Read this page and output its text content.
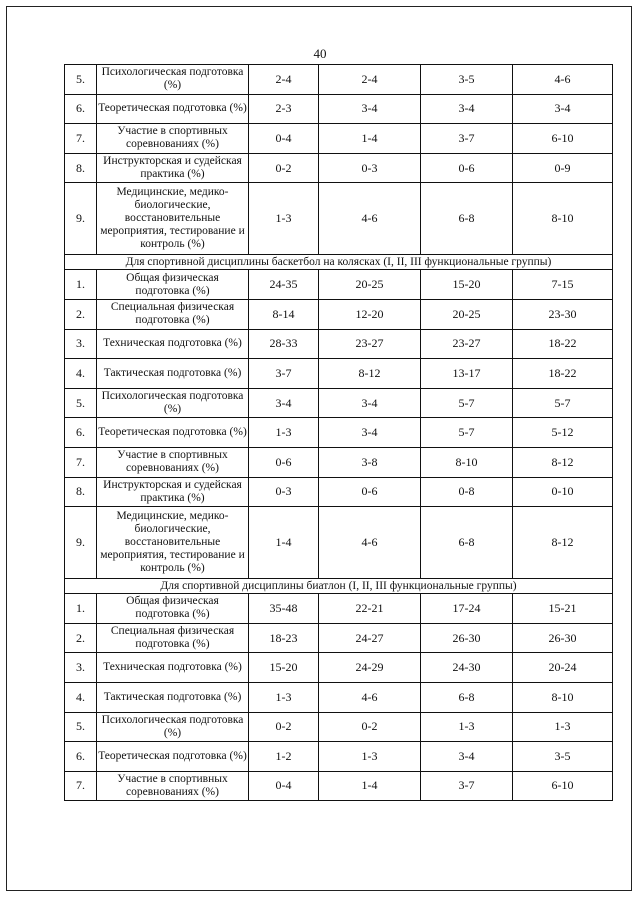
40
5.	Психологическая подготовка (%)	2-4	2-4	3-5	4-6
6.	Теоретическая подготовка (%)	2-3	3-4	3-4	3-4
7.	Участие в спортивных соревнованиях (%)	0-4	1-4	3-7	6-10
8.	Инструкторская и судейская практика (%)	0-2	0-3	0-6	0-9
9.	Медицинские, медико-биологические, восстановительные мероприятия, тестирование и контроль (%)	1-3	4-6	6-8	8-10
Для спортивной дисциплины баскетбол на колясках (I, II, III функциональные группы)					
1.	Общая физическая подготовка (%)	24-35	20-25	15-20	7-15
2.	Специальная физическая подготовка (%)	8-14	12-20	20-25	23-30
3.	Техническая подготовка (%)	28-33	23-27	23-27	18-22
4.	Тактическая подготовка (%)	3-7	8-12	13-17	18-22
5.	Психологическая подготовка (%)	3-4	3-4	5-7	5-7
6.	Теоретическая подготовка (%)	1-3	3-4	5-7	5-12
7.	Участие в спортивных соревнованиях (%)	0-6	3-8	8-10	8-12
8.	Инструкторская и судейская практика (%)	0-3	0-6	0-8	0-10
9.	Медицинские, медико-биологические, восстановительные мероприятия, тестирование и контроль (%)	1-4	4-6	6-8	8-12
Для спортивной дисциплины биатлон (I, II, III функциональные группы)					
1.	Общая физическая подготовка (%)	35-48	22-21	17-24	15-21
2.	Специальная физическая подготовка (%)	18-23	24-27	26-30	26-30
3.	Техническая подготовка (%)	15-20	24-29	24-30	20-24
4.	Тактическая подготовка (%)	1-3	4-6	6-8	8-10
5.	Психологическая подготовка (%)	0-2	0-2	1-3	1-3
6.	Теоретическая подготовка (%)	1-2	1-3	3-4	3-5
7.	Участие в спортивных соревнованиях (%)	0-4	1-4	3-7	6-10
